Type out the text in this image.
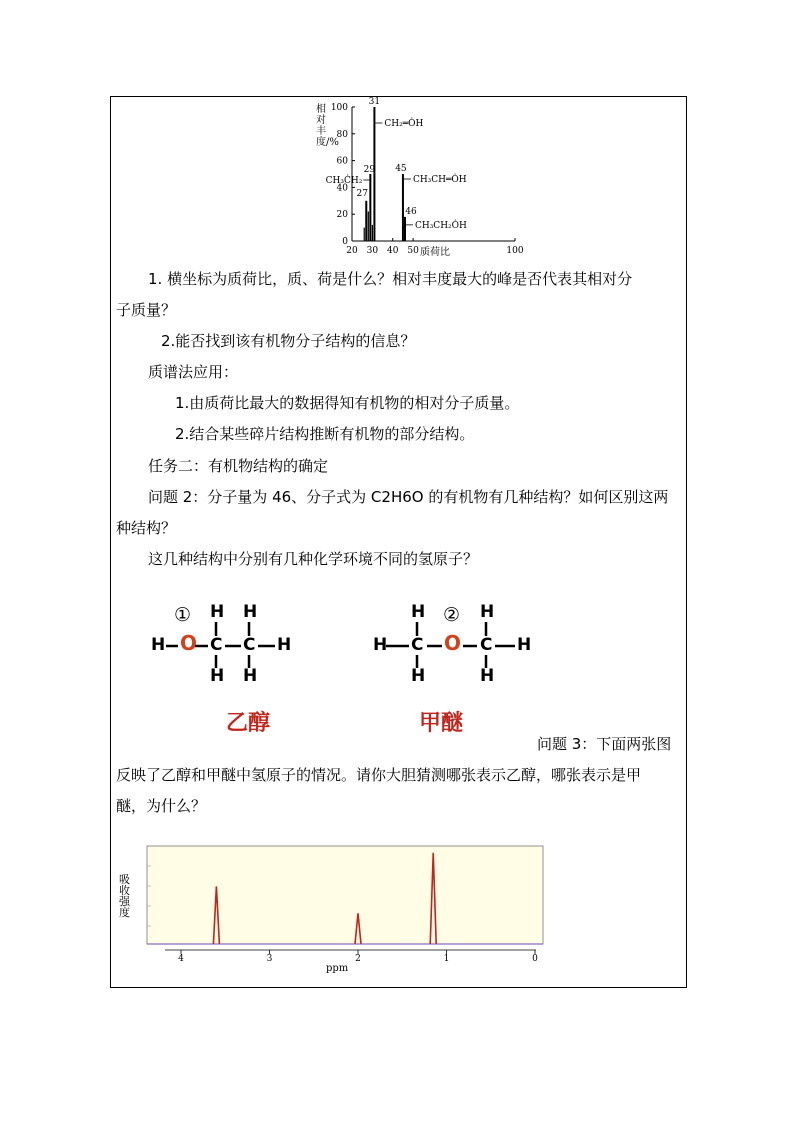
相对丰度/%
0
20
40
60
80
100
20 30 40 50	100
31
CH₂═ȮH
29
CH₃ĊH₂
27
45
CH₃CH═ȮH
46
CH₃CH₂ȮH
质荷比
1. 横坐标为质荷比，质、荷是什么？相对丰度最大的峰是否代表其相对分
子质量？
2.能否找到该有机物分子结构的信息？
质谱法应用：
1.由质荷比最大的数据得知有机物的相对分子质量。
2.结合某些碎片结构推断有机物的部分结构。
任务二：有机物结构的确定
问题 2：分子量为 46、分子式为 C2H6O 的有机物有几种结构？如何区别这两
种结构？
这几种结构中分别有几种化学环境不同的氢原子？
① H H
H O C C H
H H
乙醇
H ② H
H C O C H
H	H
甲醚
问题 3：下面两张图
反映了乙醇和甲醚中氢原子的情况。请你大胆猜测哪张表示乙醇，哪张表示是甲
醚，为什么？
吸收强度
4	3	2	1	0
ppm
